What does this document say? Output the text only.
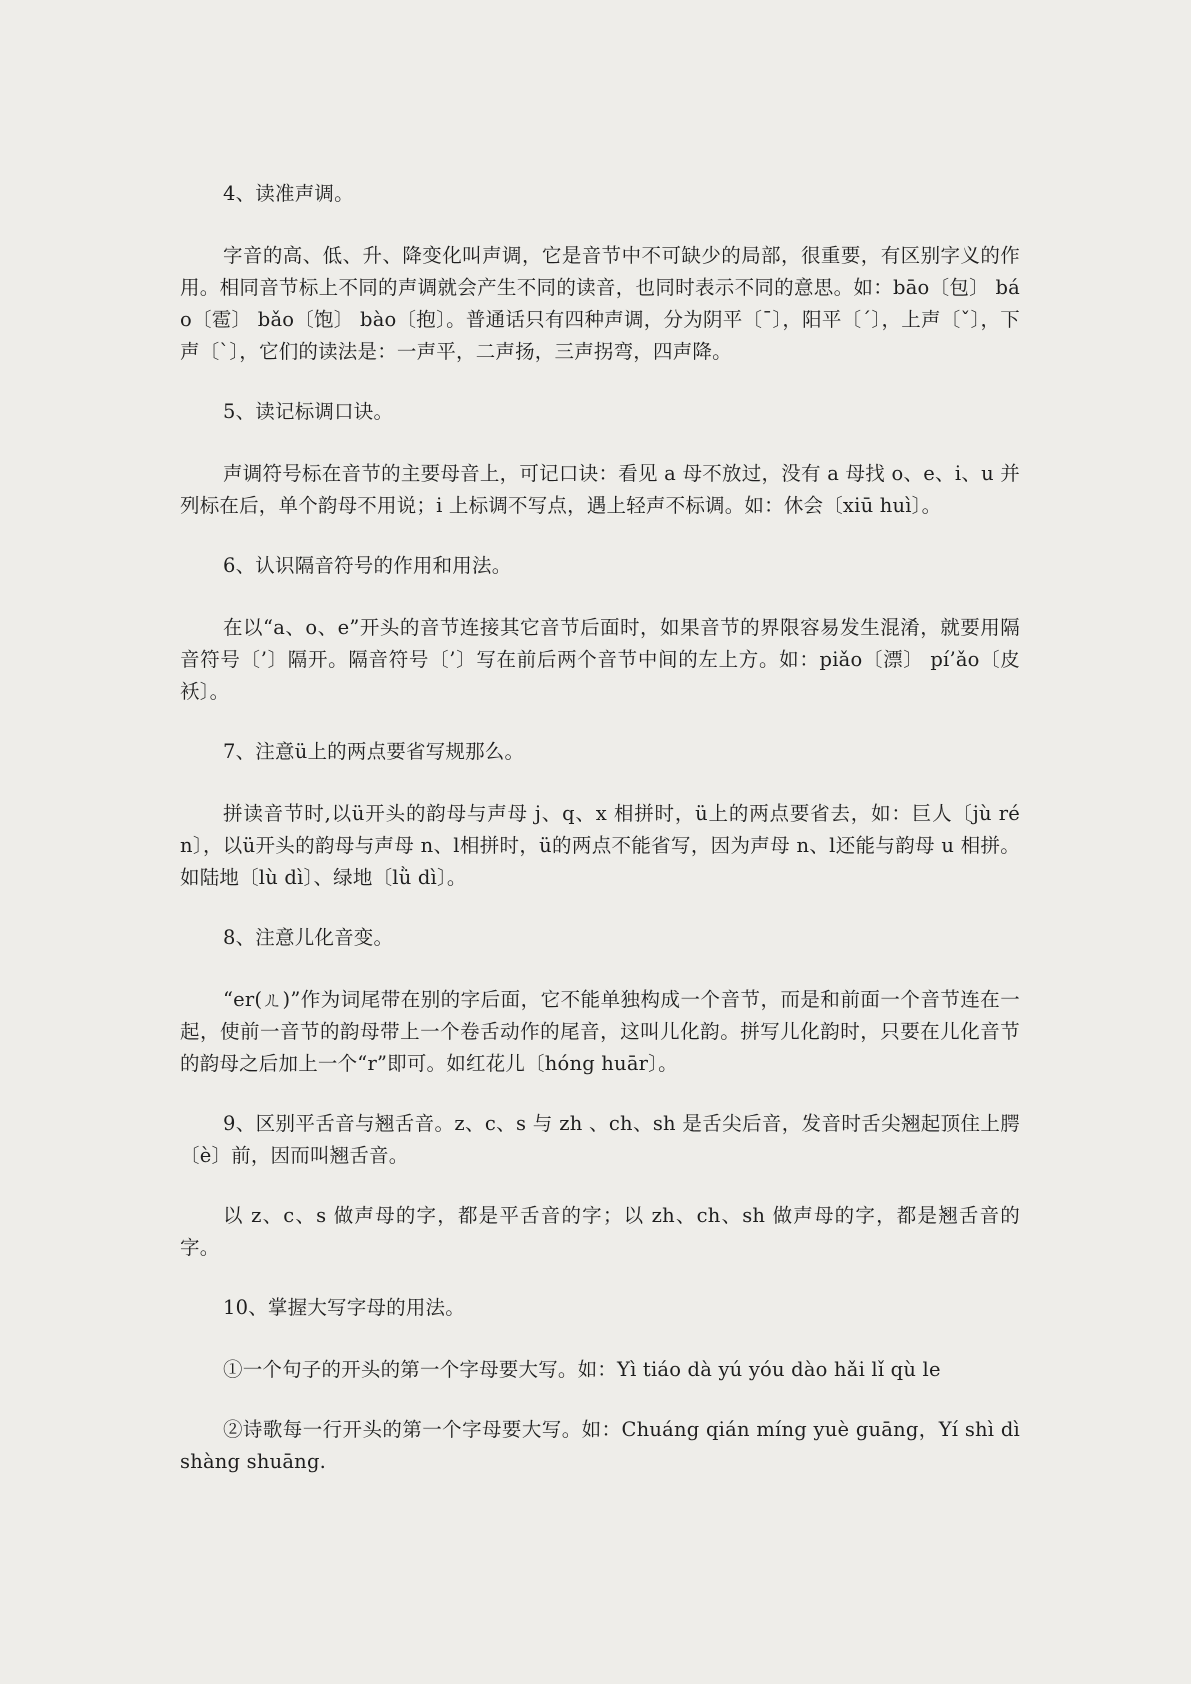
4、读准声调。

字音的高、低、升、降变化叫声调，它是音节中不可缺少的局部，很重要，有区别字义的作用。相同音节标上不同的声调就会产生不同的读音，也同时表示不同的意思。如：bāo〔包〕 báo〔雹〕 bǎo〔饱〕 bào〔抱〕。普通话只有四种声调，分为阴平〔ˉ〕，阳平〔ˊ〕，上声〔ˇ〕，下声〔ˋ〕，它们的读法是：一声平，二声扬，三声拐弯，四声降。

5、读记标调口诀。

声调符号标在音节的主要母音上，可记口诀：看见 a 母不放过，没有 a 母找 o、e、i、u 并列标在后，单个韵母不用说；i 上标调不写点，遇上轻声不标调。如：休会〔xiū huì〕。

6、认识隔音符号的作用和用法。

在以“a、o、e”开头的音节连接其它音节后面时，如果音节的界限容易发生混淆，就要用隔音符号〔’〕隔开。隔音符号〔’〕写在前后两个音节中间的左上方。如：piǎo〔漂〕 pí’ǎo〔皮袄〕。

7、注意ü上的两点要省写规那么。

拼读音节时,以ü开头的韵母与声母 j、q、x 相拼时，ü上的两点要省去，如：巨人〔jù rén〕，以ü开头的韵母与声母 n、l相拼时，ü的两点不能省写，因为声母 n、l还能与韵母 u 相拼。如陆地〔lù dì〕、绿地〔lǜ dì〕。

8、注意儿化音变。

“er(ㄦ)”作为词尾带在别的字后面，它不能单独构成一个音节，而是和前面一个音节连在一起，使前一音节的韵母带上一个卷舌动作的尾音，这叫儿化韵。拼写儿化韵时，只要在儿化音节的韵母之后加上一个“r”即可。如红花儿〔hóng huār〕。

9、区别平舌音与翘舌音。z、c、s 与 zh 、ch、sh 是舌尖后音，发音时舌尖翘起顶住上腭〔è〕前，因而叫翘舌音。

以 z、c、s 做声母的字，都是平舌音的字；以 zh、ch、sh 做声母的字，都是翘舌音的字。

10、掌握大写字母的用法。

①一个句子的开头的第一个字母要大写。如：Yì tiáo dà yú yóu dào hǎi lǐ qù le

②诗歌每一行开头的第一个字母要大写。如：Chuáng qián míng yuè guāng，Yí shì dì shàng shuāng.
